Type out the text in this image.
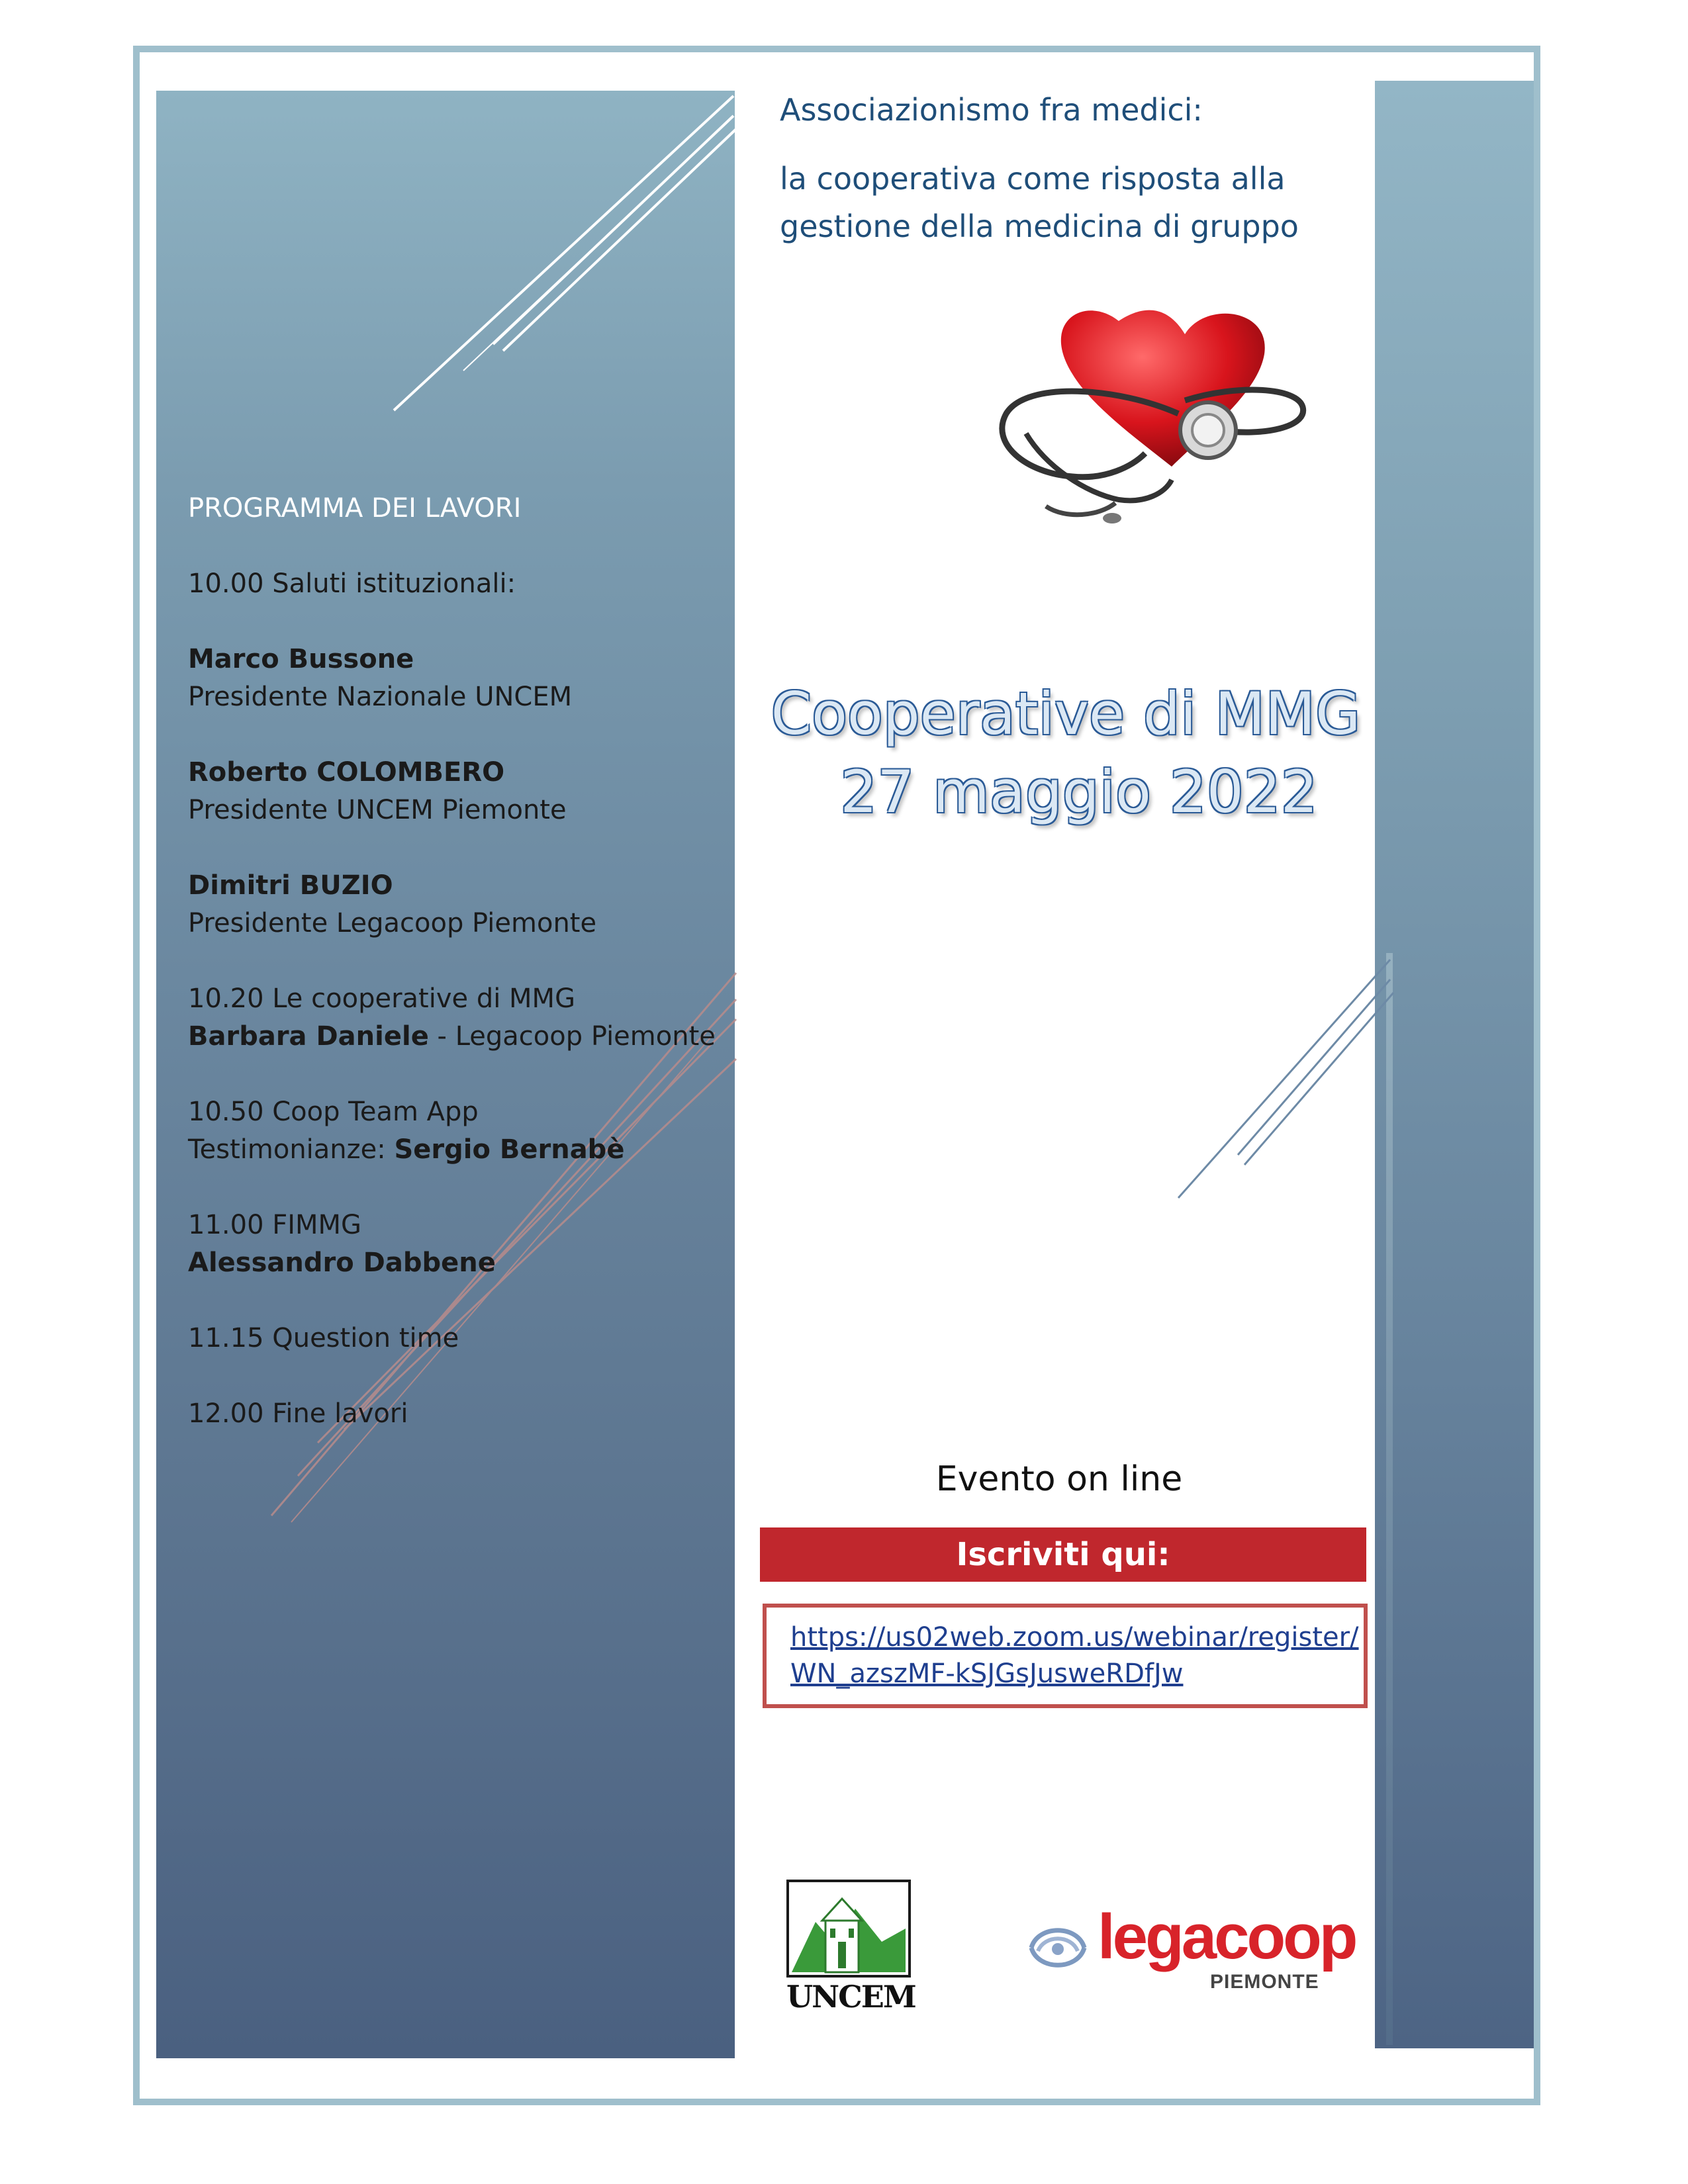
Associazionismo fra medici:
la cooperativa come risposta alla
gestione della medicina di gruppo
PROGRAMMA DEI LAVORI
10.00 Saluti istituzionali:
Marco Bussone
Presidente Nazionale UNCEM
Roberto COLOMBERO
Presidente UNCEM Piemonte
Dimitri BUZIO
Presidente Legacoop Piemonte
10.20 Le cooperative di MMG
Barbara Daniele - Legacoop Piemonte
10.50 Coop Team App
Testimonianze: Sergio Bernabè
11.00 FIMMG
Alessandro Dabbene
11.15 Question time
12.00 Fine lavori
Cooperative di MMG
27 maggio 2022
Evento on line
Iscriviti qui:
https://us02web.zoom.us/webinar/register/
WN_azszMF-kSJGsJusweRDfJw
UNCEM
legacoop
PIEMONTE
